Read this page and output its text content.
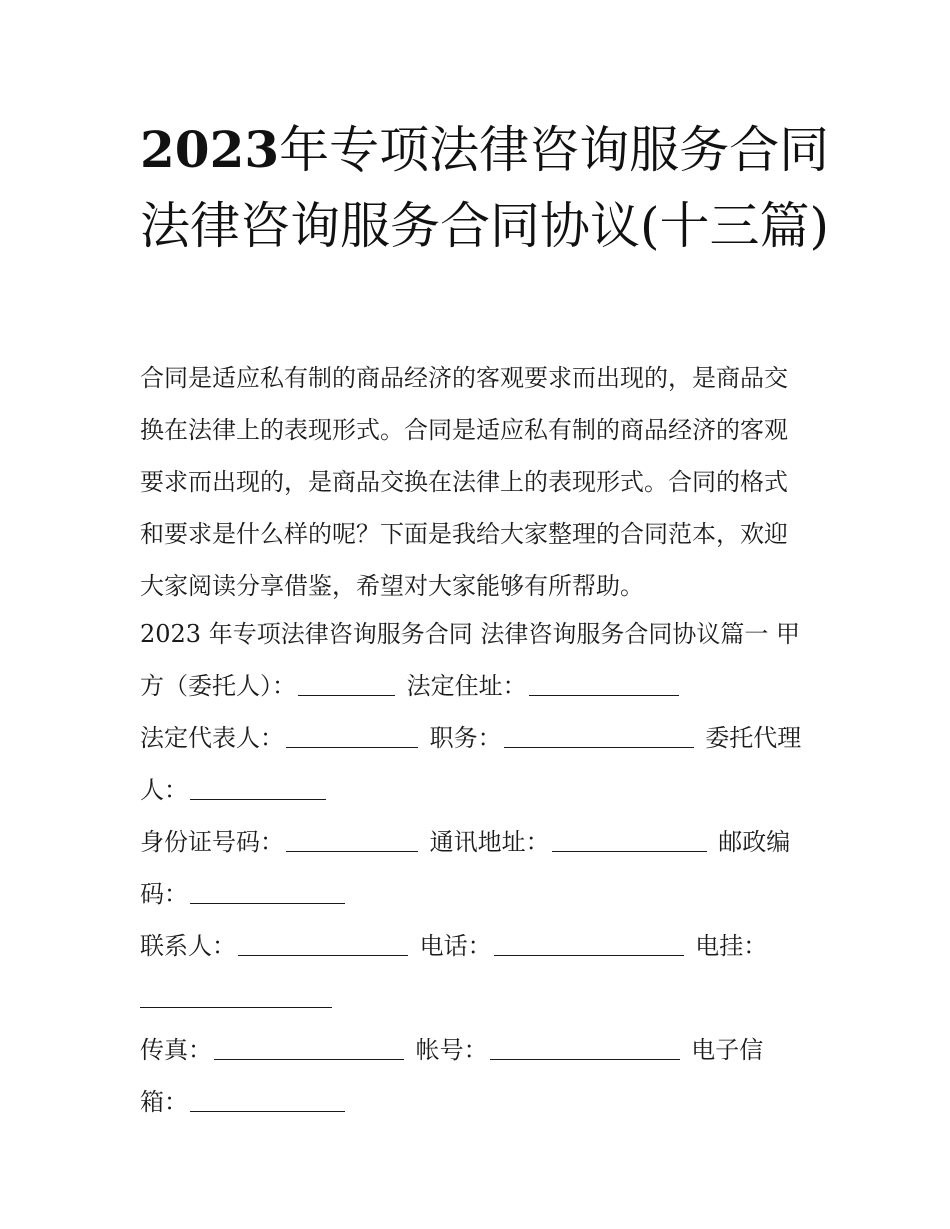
2023年专项法律咨询服务合同法律咨询服务合同协议(十三篇)
合同是适应私有制的商品经济的客观要求而出现的，是商品交
换在法律上的表现形式。合同是适应私有制的商品经济的客观
要求而出现的，是商品交换在法律上的表现形式。合同的格式
和要求是什么样的呢？下面是我给大家整理的合同范本，欢迎
大家阅读分享借鉴，希望对大家能够有所帮助。
2023 年专项法律咨询服务合同 法律咨询服务合同协议篇一 甲
方（委托人）：	法定住址：
法定代表人：	职务：	委托代理
人：
身份证号码：	通讯地址：	邮政编
码：
联系人：	电话：	电挂：
传真：	帐号：	电子信
箱：
